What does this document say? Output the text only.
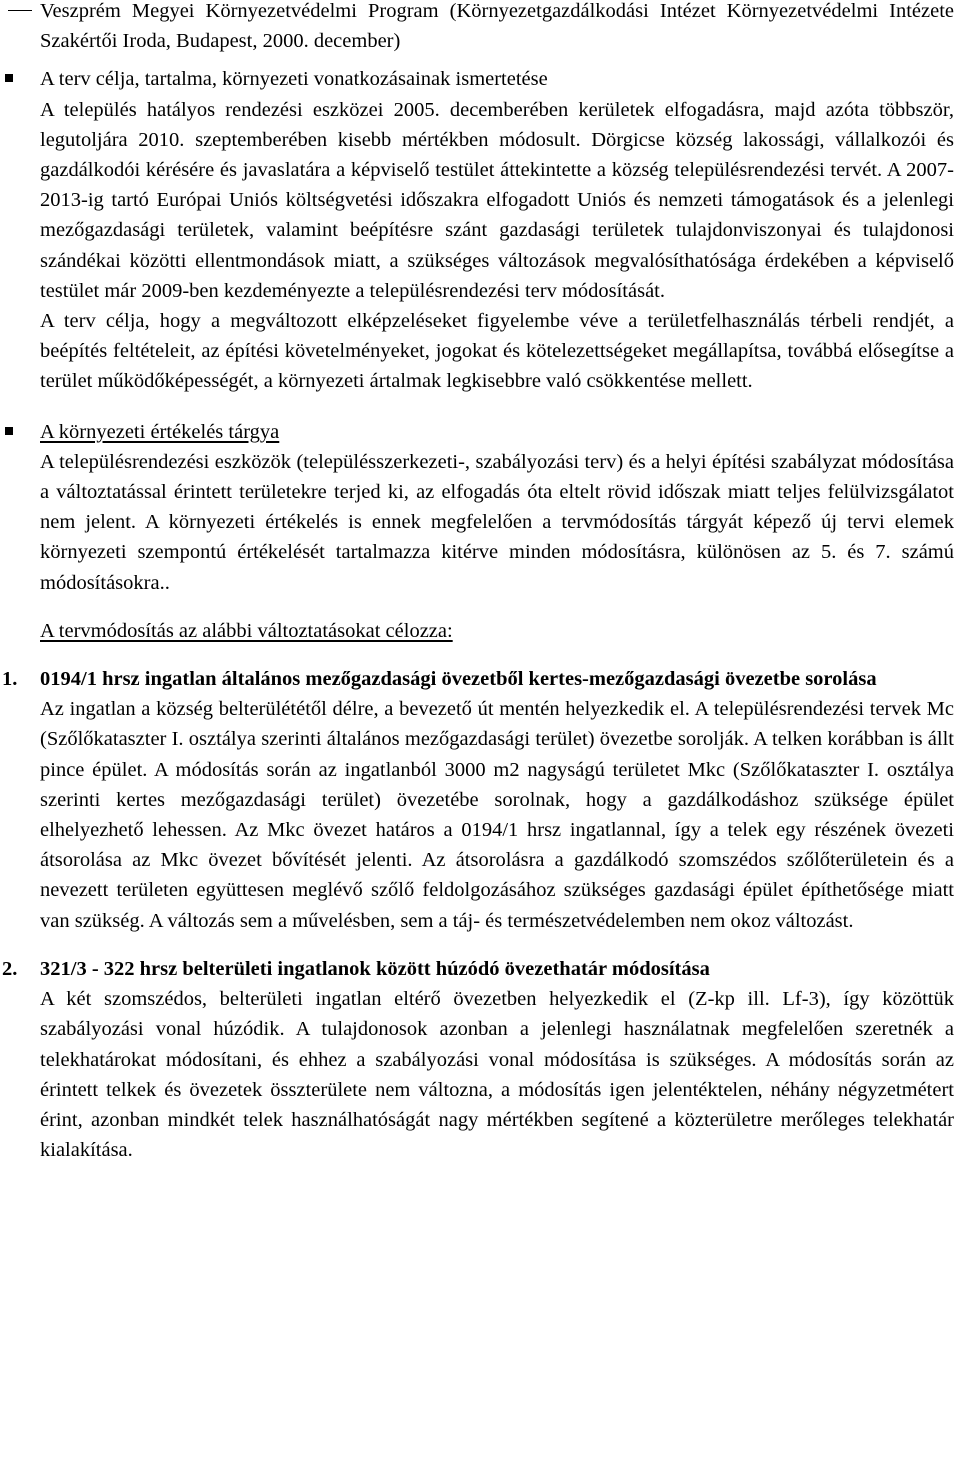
Veszprém Megyei Környezetvédelmi Program (Környezetgazdálkodási Intézet Környezetvédelmi Intézete Szakértői Iroda, Budapest, 2000. december)

A terv célja, tartalma, környezeti vonatkozásainak ismertetése

A település hatályos rendezési eszközei 2005. decemberében kerületek elfogadásra, majd azóta többször, legutoljára 2010. szeptemberében kisebb mértékben módosult. Dörgicse község lakossági, vállalkozói és gazdálkodói kérésére és javaslatára a képviselő testület áttekintette a község településrendezési tervét. A 2007-2013-ig tartó Európai Uniós költségvetési időszakra elfogadott Uniós és nemzeti támogatások és a jelenlegi mezőgazdasági területek, valamint beépítésre szánt gazdasági területek tulajdonviszonyai és tulajdonosi szándékai közötti ellentmondások miatt, a szükséges változások megvalósíthatósága érdekében a képviselő testület már 2009-ben kezdeményezte a településrendezési terv módosítását.

A terv célja, hogy a megváltozott elképzeléseket figyelembe véve a területfelhasználás térbeli rendjét, a beépítés feltételeit, az építési követelményeket, jogokat és kötelezettségeket megállapítsa, továbbá elősegítse a terület működőképességét, a környezeti ártalmak legkisebbre való csökkentése mellett.

A környezeti értékelés tárgya

A településrendezési eszközök (településszerkezeti-, szabályozási terv) és a helyi építési szabályzat módosítása a változtatással érintett területekre terjed ki, az elfogadás óta eltelt rövid időszak miatt teljes felülvizsgálatot nem jelent. A környezeti értékelés is ennek megfelelően a tervmódosítás tárgyát képező új tervi elemek környezeti szempontú értékelését tartalmazza kitérve minden módosításra, különösen az 5. és 7. számú módosításokra..

A tervmódosítás az alábbi változtatásokat célozza:

1. 0194/1 hrsz ingatlan általános mezőgazdasági övezetből kertes-mezőgazdasági övezetbe sorolása

Az ingatlan a község belterülététől délre, a bevezető út mentén helyezkedik el. A településrendezési tervek Mc (Szőlőkataszter I. osztálya szerinti általános mezőgazdasági terület) övezetbe sorolják. A telken korábban is állt pince épület. A módosítás során az ingatlanból 3000 m2 nagyságú területet Mkc (Szőlőkataszter I. osztálya szerinti kertes mezőgazdasági terület) övezetébe sorolnak, hogy a gazdálkodáshoz szüksége épület elhelyezhető lehessen. Az Mkc övezet határos a 0194/1 hrsz ingatlannal, így a telek egy részének övezeti átsorolása az Mkc övezet bővítését jelenti. Az átsorolásra a gazdálkodó szomszédos szőlőterületein és a nevezett területen együttesen meglévő szőlő feldolgozásához szükséges gazdasági épület építhetősége miatt van szükség. A változás sem a művelésben, sem a táj- és természetvédelemben nem okoz változást.

2. 321/3 - 322 hrsz belterületi ingatlanok között húzódó övezethatár módosítása

A két szomszédos, belterületi ingatlan eltérő övezetben helyezkedik el (Z-kp ill. Lf-3), így közöttük szabályozási vonal húzódik. A tulajdonosok azonban a jelenlegi használatnak megfelelően szeretnék a telekhatárokat módosítani, és ehhez a szabályozási vonal módosítása is szükséges. A módosítás során az érintett telkek és övezetek összterülete nem változna, a módosítás igen jelentéktelen, néhány négyzetmétert érint, azonban mindkét telek használhatóságát nagy mértékben segítené a közterületre merőleges telekhatár kialakítása.
